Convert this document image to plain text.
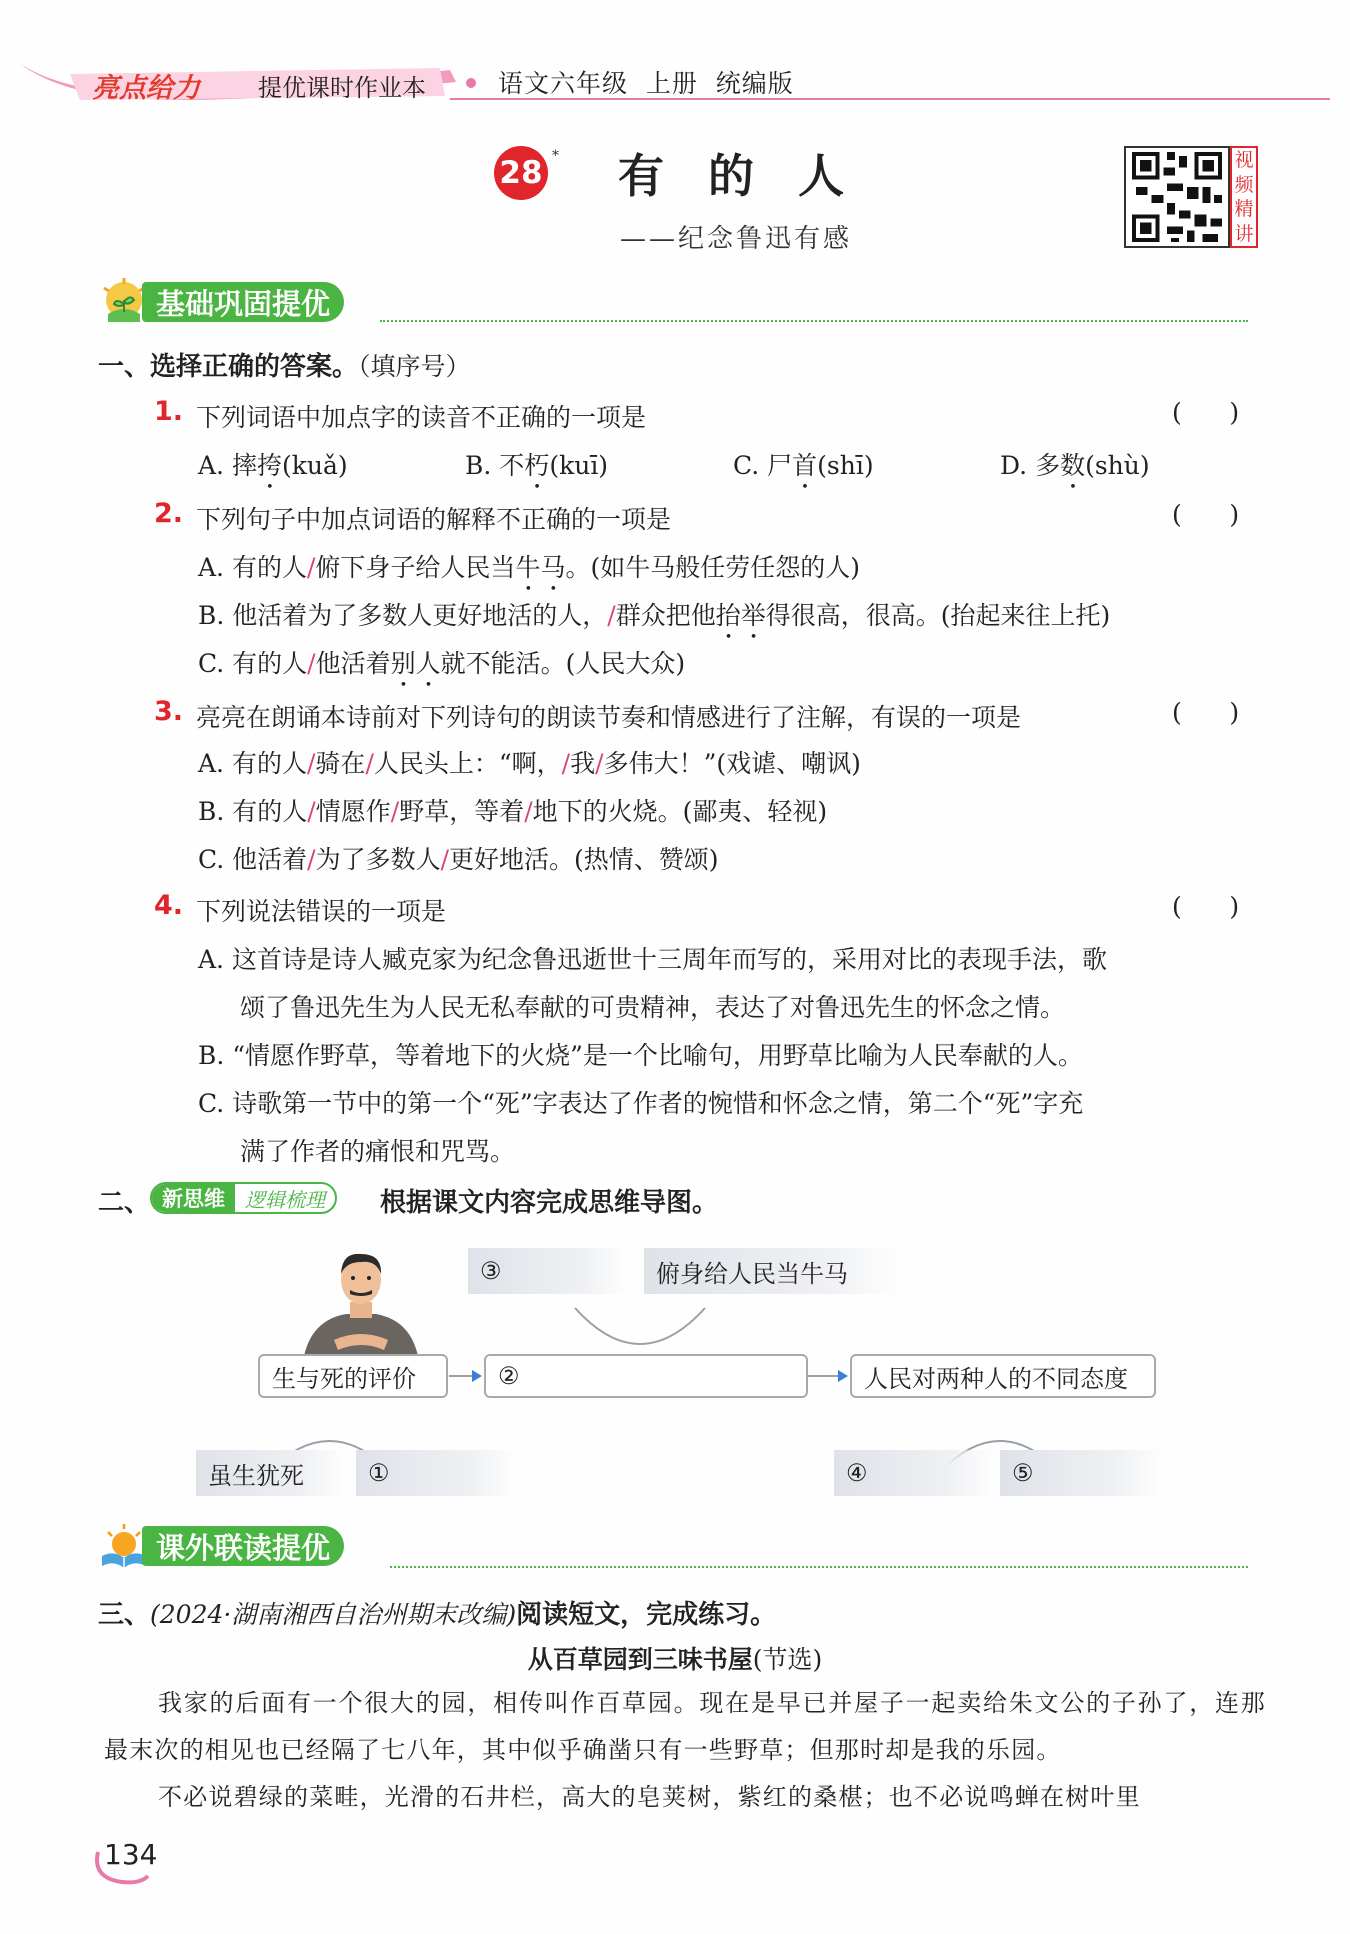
亮点给力 提优课时作业本	语文六年级  上册  统编版
28 * 有的人
——纪念鲁迅有感
视频精讲
基础巩固提优
一、选择正确的答案。（填序号）
1. 下列词语中加点字的读音不正确的一项是	(      )
A. 摔挎(kuǎ)	B. 不朽(kuī)	C. 尸首(shī)	D. 多数(shù)
2. 下列句子中加点词语的解释不正确的一项是	(      )
A. 有的人/俯下身子给人民当牛马。(如牛马般任劳任怨的人)
B. 他活着为了多数人更好地活的人，/群众把他抬举得很高，很高。(抬起来往上托)
C. 有的人/他活着别人就不能活。(人民大众)
3. 亮亮在朗诵本诗前对下列诗句的朗读节奏和情感进行了注解，有误的一项是	(      )
A. 有的人/骑在/人民头上：“啊，/我/多伟大！”(戏谑、嘲讽)
B. 有的人/情愿作/野草，等着/地下的火烧。(鄙夷、轻视)
C. 他活着/为了多数人/更好地活。(热情、赞颂)
4. 下列说法错误的一项是	(      )
A. 这首诗是诗人臧克家为纪念鲁迅逝世十三周年而写的，采用对比的表现手法，歌
颂了鲁迅先生为人民无私奉献的可贵精神，表达了对鲁迅先生的怀念之情。
B. “情愿作野草，等着地下的火烧”是一个比喻句，用野草比喻为人民奉献的人。
C. 诗歌第一节中的第一个“死”字表达了作者的惋惜和怀念之情，第二个“死”字充
满了作者的痛恨和咒骂。
二、 新思维	逻辑梳理	根据课文内容完成思维导图。
③	俯身给人民当牛马
生与死的评价	②	人民对两种人的不同态度
虽生犹死	①	④	⑤
课外联读提优
三、(2024·湖南湘西自治州期末改编)阅读短文，完成练习。
从百草园到三味书屋(节选)
我家的后面有一个很大的园，相传叫作百草园。现在是早已并屋子一起卖给朱文公的子孙了，连那最末次的相见也已经隔了七八年，其中似乎确凿只有一些野草；但那时却是我的乐园。
不必说碧绿的菜畦，光滑的石井栏，高大的皂荚树，紫红的桑椹；也不必说鸣蝉在树叶里
134
